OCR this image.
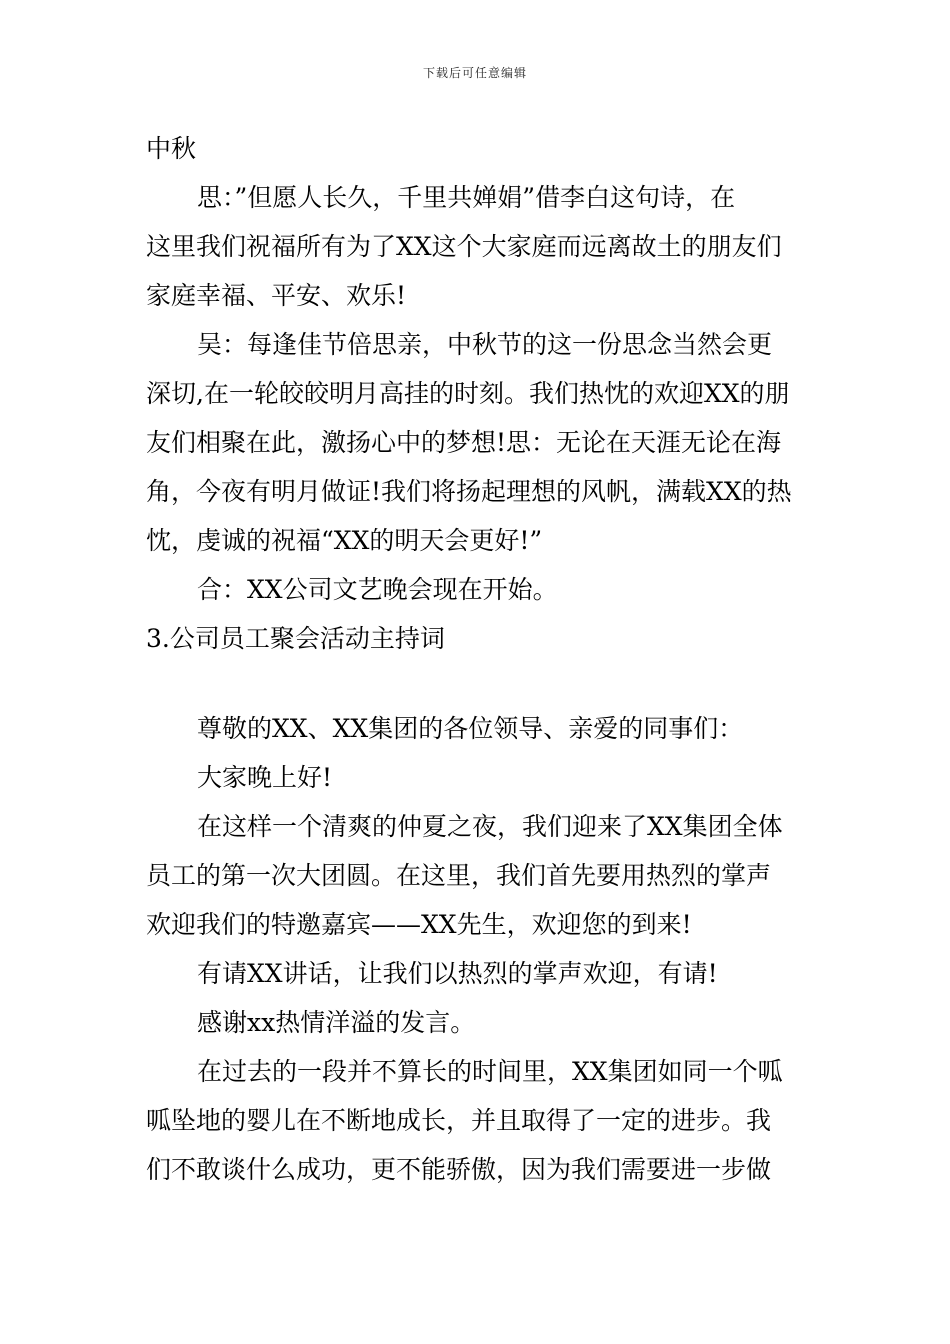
下载后可任意编辑
中秋
思：”但愿人长久，千里共婵娟”借李白这句诗，在
这里我们祝福所有为了XX这个大家庭而远离故土的朋友们
家庭幸福、平安、欢乐!
吴：每逢佳节倍思亲，中秋节的这一份思念当然会更
深切,在一轮皎皎明月高挂的时刻。我们热忱的欢迎XX的朋
友们相聚在此，激扬心中的梦想!思：无论在天涯无论在海
角，今夜有明月做证!我们将扬起理想的风帆，满载XX的热
忱，虔诚的祝福“XX的明天会更好!”
合：XX公司文艺晚会现在开始。
3.公司员工聚会活动主持词
尊敬的XX、XX集团的各位领导、亲爱的同事们：
大家晚上好!
在这样一个清爽的仲夏之夜，我们迎来了XX集团全体
员工的第一次大团圆。在这里，我们首先要用热烈的掌声
欢迎我们的特邀嘉宾——XX先生，欢迎您的到来!
有请XX讲话，让我们以热烈的掌声欢迎，有请!
感谢xx热情洋溢的发言。
在过去的一段并不算长的时间里，XX集团如同一个呱
呱坠地的婴儿在不断地成长，并且取得了一定的进步。我
们不敢谈什么成功，更不能骄傲，因为我们需要进一步做
